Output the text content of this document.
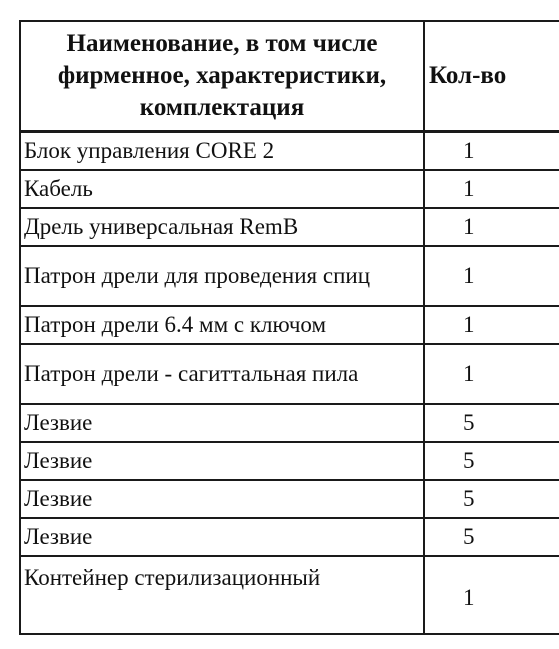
Наименование, в том числе фирменное, характеристики, комплектация	Кол-во
Блок управления CORE 2	1
Кабель	1
Дрель универсальная RemB	1
Патрон дрели для проведения спиц	1
Патрон дрели 6.4 мм с ключом	1
Патрон дрели - сагиттальная пила	1
Лезвие	5
Лезвие	5
Лезвие	5
Лезвие	5
Контейнер стерилизационный	1
